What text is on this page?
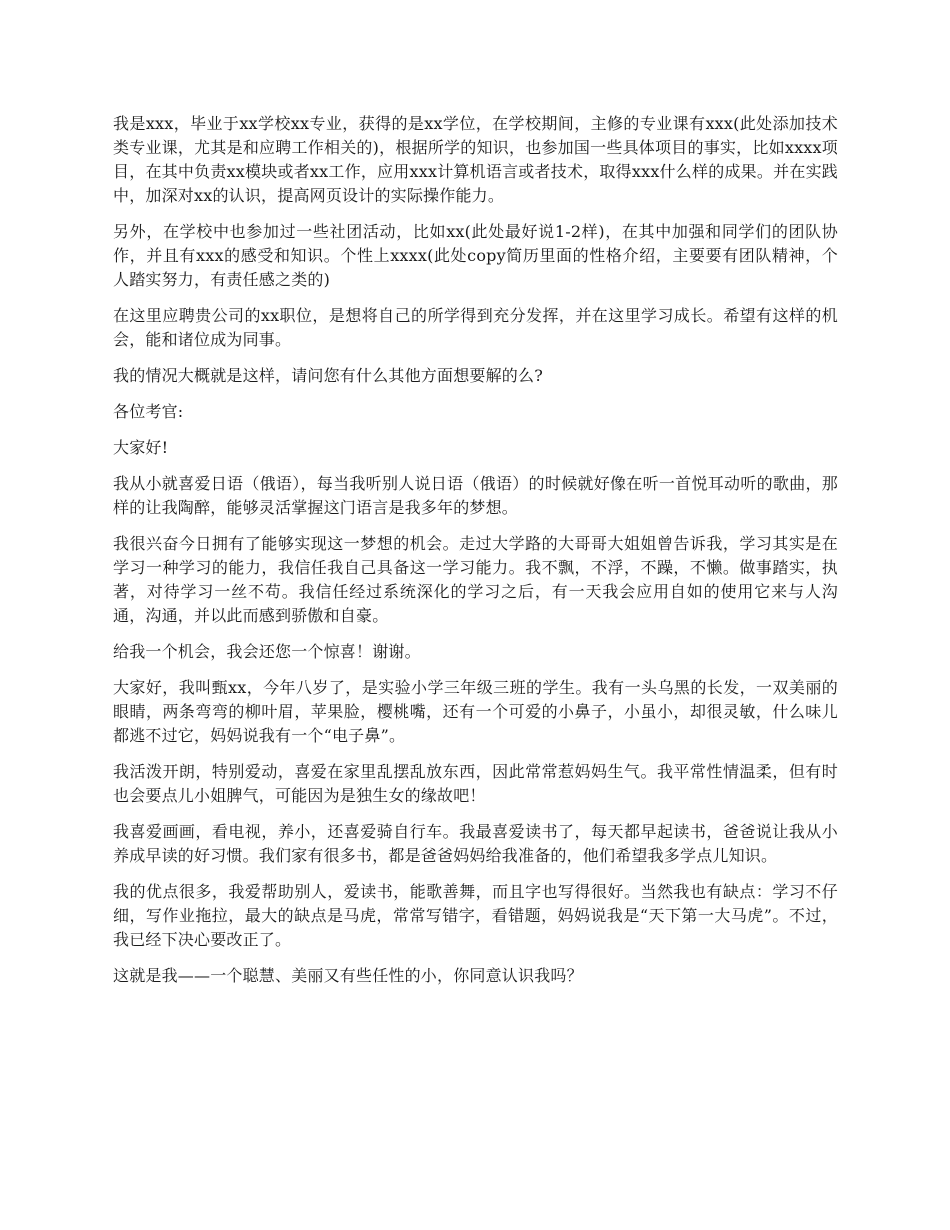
我是xxx，毕业于xx学校xx专业，获得的是xx学位，在学校期间，主修的专业课有xxx(此处添加技术类专业课，尤其是和应聘工作相关的)，根据所学的知识，也参加国一些具体项目的事实，比如xxxx项目，在其中负责xx模块或者xx工作，应用xxx计算机语言或者技术，取得xxx什么样的成果。并在实践中，加深对xx的认识，提高网页设计的实际操作能力。

另外，在学校中也参加过一些社团活动，比如xx(此处最好说1-2样)，在其中加强和同学们的团队协作，并且有xxx的感受和知识。个性上xxxx(此处copy简历里面的性格介绍，主要要有团队精神，个人踏实努力，有责任感之类的)

在这里应聘贵公司的xx职位，是想将自己的所学得到充分发挥，并在这里学习成长。希望有这样的机会，能和诸位成为同事。

我的情况大概就是这样，请问您有什么其他方面想要解的么?

各位考官:

大家好!

我从小就喜爱日语（俄语），每当我听别人说日语（俄语）的时候就好像在听一首悦耳动听的歌曲，那样的让我陶醉，能够灵活掌握这门语言是我多年的梦想。

我很兴奋今日拥有了能够实现这一梦想的机会。走过大学路的大哥哥大姐姐曾告诉我，学习其实是在学习一种学习的能力，我信任我自己具备这一学习能力。我不飘，不浮，不躁，不懒。做事踏实，执著，对待学习一丝不苟。我信任经过系统深化的学习之后，有一天我会应用自如的使用它来与人沟通，沟通，并以此而感到骄傲和自豪。

给我一个机会，我会还您一个惊喜！谢谢。

大家好，我叫甄xx，今年八岁了，是实验小学三年级三班的学生。我有一头乌黑的长发，一双美丽的眼睛，两条弯弯的柳叶眉，苹果脸，樱桃嘴，还有一个可爱的小鼻子，小虽小，却很灵敏，什么味儿都逃不过它，妈妈说我有一个“电子鼻”。

我活泼开朗，特别爱动，喜爱在家里乱摆乱放东西，因此常常惹妈妈生气。我平常性情温柔，但有时也会要点儿小姐脾气，可能因为是独生女的缘故吧！

我喜爱画画，看电视，养小，还喜爱骑自行车。我最喜爱读书了，每天都早起读书，爸爸说让我从小养成早读的好习惯。我们家有很多书，都是爸爸妈妈给我准备的，他们希望我多学点儿知识。

我的优点很多，我爱帮助别人，爱读书，能歌善舞，而且字也写得很好。当然我也有缺点：学习不仔细，写作业拖拉，最大的缺点是马虎，常常写错字，看错题，妈妈说我是“天下第一大马虎”。不过，我已经下决心要改正了。

这就是我——一个聪慧、美丽又有些任性的小，你同意认识我吗？
